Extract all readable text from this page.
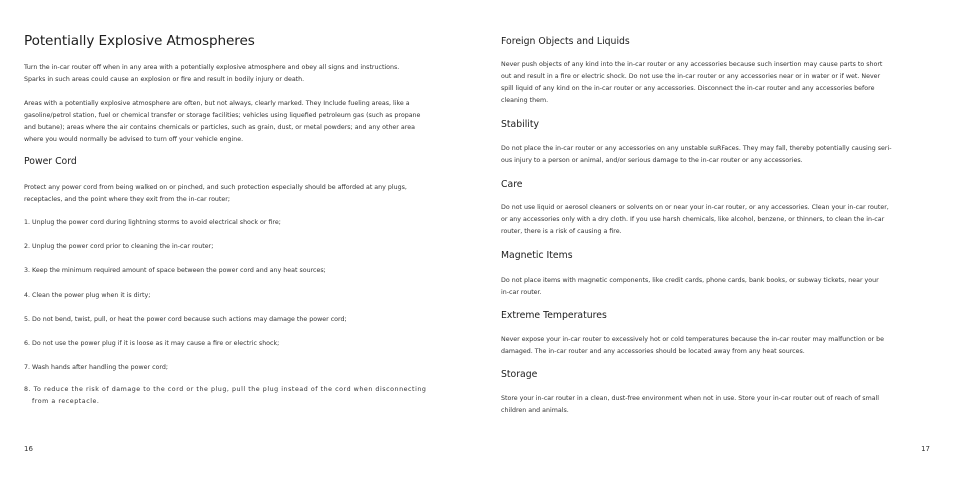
Potentially Explosive Atmospheres
Turn the in-car router off when in any area with a potentially explosive atmosphere and obey all signs and instructions.
Sparks in such areas could cause an explosion or fire and result in bodily injury or death.
Areas with a potentially explosive atmosphere are often, but not always, clearly marked. They Include fueling areas, like a
gasoline/petrol station, fuel or chemical transfer or storage facilities; vehicles using liquefied petroleum gas (such as propane
and butane); areas where the air contains chemicals or particles, such as grain, dust, or metal powders; and any other area
where you would normally be advised to turn off your vehicle engine.
Power Cord
Protect any power cord from being walked on or pinched, and such protection especially should be afforded at any plugs,
receptacles, and the point where they exit from the in-car router;
1. Unplug the power cord during lightning storms to avoid electrical shock or fire;
2. Unplug the power cord prior to cleaning the in-car router;
3. Keep the minimum required amount of space between the power cord and any heat sources;
4. Clean the power plug when it is dirty;
5. Do not bend, twist, pull, or heat the power cord because such actions may damage the power cord;
6. Do not use the power plug if it is loose as it may cause a fire or electric shock;
7. Wash hands after handling the power cord;
8. To reduce the risk of damage to the cord or the plug, pull the plug instead of the cord when disconnecting
from a receptacle.
16
Foreign Objects and Liquids
Never push objects of any kind into the in-car router or any accessories because such insertion may cause parts to short
out and result in a fire or electric shock. Do not use the in-car router or any accessories near or in water or if wet. Never
spill liquid of any kind on the in-car router or any accessories. Disconnect the in-car router and any accessories before
cleaning them.
Stability
Do not place the in-car router or any accessories on any unstable suRFaces. They may fall, thereby potentially causing seri-
ous injury to a person or animal, and/or serious damage to the in-car router or any accessories.
Care
Do not use liquid or aerosol cleaners or solvents on or near your in-car router, or any accessories. Clean your in-car router,
or any accessories only with a dry cloth. If you use harsh chemicals, like alcohol, benzene, or thinners, to clean the in-car
router, there is a risk of causing a fire.
Magnetic Items
Do not place items with magnetic components, like credit cards, phone cards, bank books, or subway tickets, near your
in-car router.
Extreme Temperatures
Never expose your in-car router to excessively hot or cold temperatures because the in-car router may malfunction or be
damaged. The in-car router and any accessories should be located away from any heat sources.
Storage
Store your in-car router in a clean, dust-free environment when not in use. Store your in-car router out of reach of small
children and animals.
17
